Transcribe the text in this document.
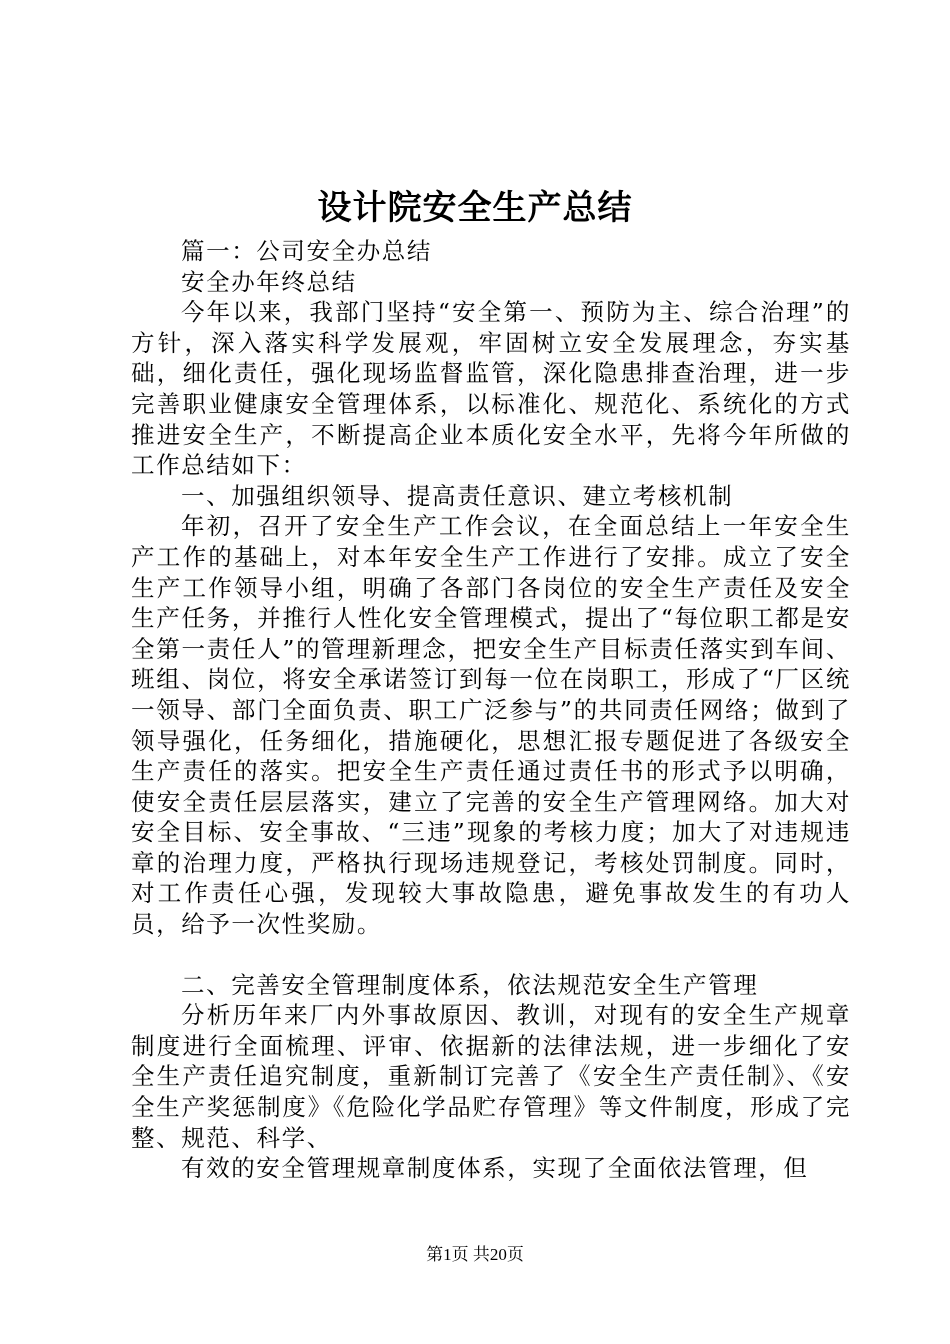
设计院安全生产总结

篇一：公司安全办总结

安全办年终总结

今年以来，我部门坚持“安全第一、预防为主、综合治理”的方针，深入落实科学发展观，牢固树立安全发展理念，夯实基础，细化责任，强化现场监督监管，深化隐患排查治理，进一步完善职业健康安全管理体系，以标准化、规范化、系统化的方式推进安全生产，不断提高企业本质化安全水平，先将今年所做的工作总结如下：

一、加强组织领导、提高责任意识、建立考核机制

年初，召开了安全生产工作会议，在全面总结上一年安全生产工作的基础上，对本年安全生产工作进行了安排。成立了安全生产工作领导小组，明确了各部门各岗位的安全生产责任及安全生产任务，并推行人性化安全管理模式，提出了“每位职工都是安全第一责任人”的管理新理念，把安全生产目标责任落实到车间、班组、岗位，将安全承诺签订到每一位在岗职工，形成了“厂区统一领导、部门全面负责、职工广泛参与”的共同责任网络；做到了领导强化，任务细化，措施硬化，思想汇报专题促进了各级安全生产责任的落实。把安全生产责任通过责任书的形式予以明确，使安全责任层层落实，建立了完善的安全生产管理网络。加大对安全目标、安全事故、“三违”现象的考核力度；加大了对违规违章的治理力度，严格执行现场违规登记，考核处罚制度。同时，对工作责任心强，发现较大事故隐患，避免事故发生的有功人员，给予一次性奖励。

二、完善安全管理制度体系，依法规范安全生产管理

分析历年来厂内外事故原因、教训，对现有的安全生产规章制度进行全面梳理、评审、依据新的法律法规，进一步细化了安全生产责任追究制度，重新制订完善了《安全生产责任制》、《安全生产奖惩制度》《危险化学品贮存管理》等文件制度，形成了完整、规范、科学、

有效的安全管理规章制度体系，实现了全面依法管理，但

第1页 共20页
